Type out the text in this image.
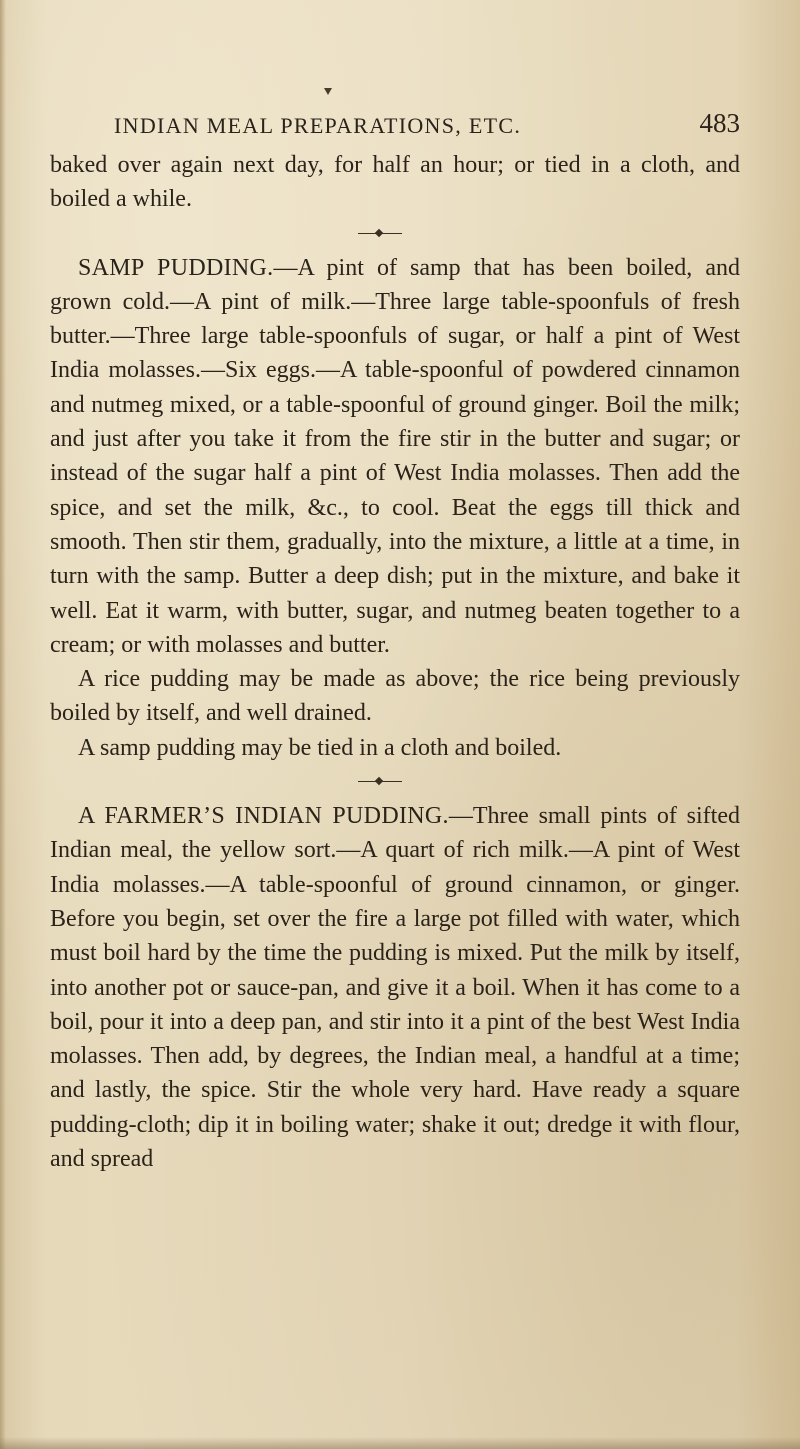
INDIAN MEAL PREPARATIONS, ETC.	483

baked over again next day, for half an hour; or tied in a cloth, and boiled a while.

SAMP PUDDING.—A pint of samp that has been boiled, and grown cold.—A pint of milk.—Three large table-spoonfuls of fresh butter.—Three large table-spoonfuls of sugar, or half a pint of West India molasses.—Six eggs.—A table-spoonful of powdered cinnamon and nutmeg mixed, or a table-spoonful of ground ginger. Boil the milk; and just after you take it from the fire stir in the butter and sugar; or instead of the sugar half a pint of West India molasses. Then add the spice, and set the milk, &c., to cool. Beat the eggs till thick and smooth. Then stir them, gradually, into the mixture, a little at a time, in turn with the samp. Butter a deep dish; put in the mixture, and bake it well. Eat it warm, with butter, sugar, and nutmeg beaten together to a cream; or with molasses and butter.

A rice pudding may be made as above; the rice being previously boiled by itself, and well drained.

A samp pudding may be tied in a cloth and boiled.

A FARMER’S INDIAN PUDDING.—Three small pints of sifted Indian meal, the yellow sort.—A quart of rich milk.—A pint of West India molasses.—A table-spoonful of ground cinnamon, or ginger. Before you begin, set over the fire a large pot filled with water, which must boil hard by the time the pudding is mixed. Put the milk by itself, into another pot or sauce-pan, and give it a boil. When it has come to a boil, pour it into a deep pan, and stir into it a pint of the best West India molasses. Then add, by degrees, the Indian meal, a handful at a time; and lastly, the spice. Stir the whole very hard. Have ready a square pudding-cloth; dip it in boiling water; shake it out; dredge it with flour, and spread
